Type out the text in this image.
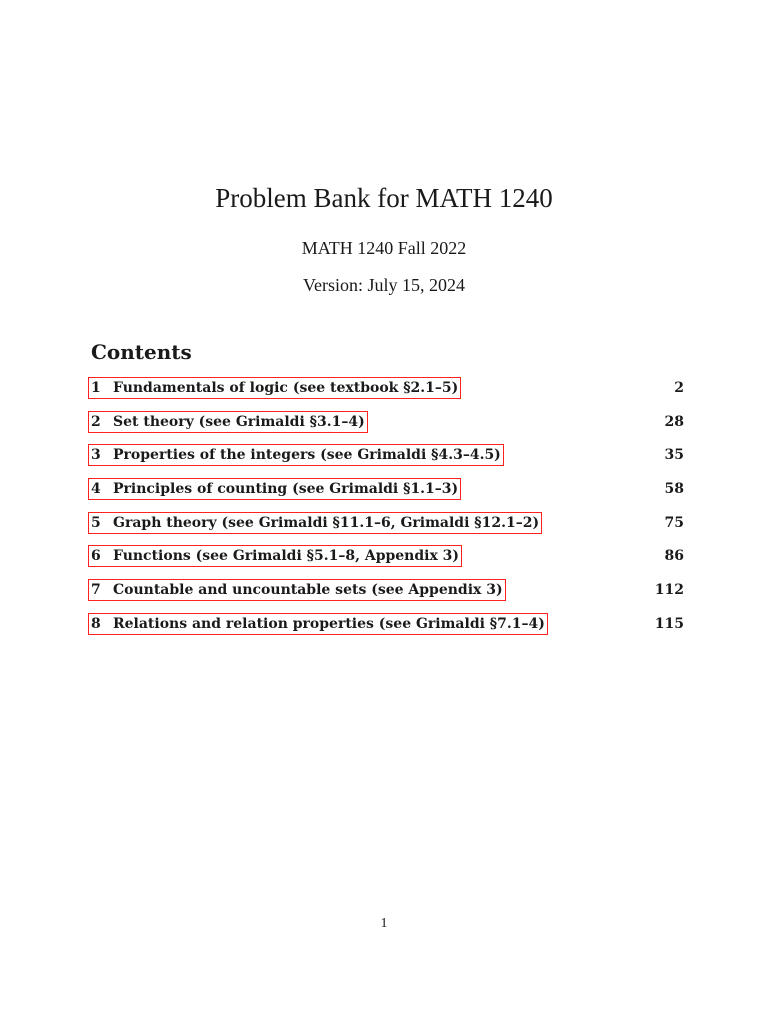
Problem Bank for MATH 1240
MATH 1240 Fall 2022
Version: July 15, 2024
Contents
1 Fundamentals of logic (see textbook §2.1–5)	2
2 Set theory (see Grimaldi §3.1–4)	28
3 Properties of the integers (see Grimaldi §4.3–4.5)	35
4 Principles of counting (see Grimaldi §1.1–3)	58
5 Graph theory (see Grimaldi §11.1–6, Grimaldi §12.1–2)	75
6 Functions (see Grimaldi §5.1–8, Appendix 3)	86
7 Countable and uncountable sets (see Appendix 3)	112
8 Relations and relation properties (see Grimaldi §7.1–4)	115
1
